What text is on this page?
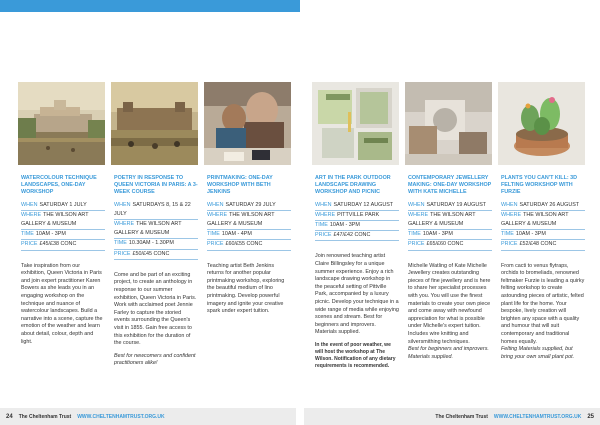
WATERCOLOUR TECHNIQUE LANDSCAPES, ONE-DAY WORKSHOP
WHEN SATURDAY 1 JULY
WHERE THE WILSON ART GALLERY & MUSEUM
TIME 10AM - 3PM
PRICE £45/£38 CONC
Take inspiration from our exhibition, Queen Victoria in Paris and join expert practitioner Karen Bowers as she leads you in an engaging workshop on the technique and nuance of watercolour landscapes. Build a narrative into a scene, capture the emotion of the weather and learn about detail, colour, depth and light.
POETRY IN RESPONSE TO QUEEN VICTORIA IN PARIS: A 3-WEEK COURSE
WHEN SATURDAYS 8, 15 & 22 JULY
WHERE THE WILSON ART GALLERY & MUSEUM
TIME 10.30AM - 1.30PM
PRICE £50/£45 CONC
Come and be part of an exciting project, to create an anthology in response to our summer exhibition, Queen Victoria in Paris. Work with acclaimed poet Jennie Farley to capture the storied events surrounding the Queen's visit in 1855. Gain free access to this exhibition for the duration of the course.
Best for newcomers and confident practitioners alike!
PRINTMAKING: ONE-DAY WORKSHOP WITH BETH JENKINS
WHEN SATURDAY 29 JULY
WHERE THE WILSON ART GALLERY & MUSEUM
TIME 10AM - 4PM
PRICE £60/£55 CONC
Teaching artist Beth Jenkins returns for another popular printmaking workshop, exploring the beautiful medium of lino printmaking. Develop powerful imagery and ignite your creative spark under expert tuition.
ART IN THE PARK OUTDOOR LANDSCAPE DRAWING WORKSHOP AND PICNIC
WHEN SATURDAY 12 AUGUST
WHERE PITTVILLE PARK
TIME 10AM - 3PM
PRICE £47/£42 CONC
Join renowned teaching artist Claire Billingsley for a unique summer experience. Enjoy a rich landscape drawing workshop in the peaceful setting of Pittville Park, accompanied by a luxury picnic. Develop your technique in a wide range of media while enjoying scenes and stream. Best for beginners and improvers. Materials supplied.
In the event of poor weather, we will host the workshop at The Wilson. Notification of any dietary requirements is recommended.
CONTEMPORARY JEWELLERY MAKING: ONE-DAY WORKSHOP WITH KATE MICHELLE
WHEN SATURDAY 19 AUGUST
WHERE THE WILSON ART GALLERY & MUSEUM
TIME 10AM - 3PM
PRICE £65/£60 CONC
Michelle Watling of Kate Michelle Jewellery creates outstanding pieces of fine jewellery and is here to share her specialist processes with you. You will use the finest materials to create your own piece and come away with newfound appreciation for what is possible under Michelle's expert tuition. Includes wire knitting and silversmithing techniques.
Best for beginners and improvers. Materials supplied.
PLANTS YOU CAN'T KILL: 3D FELTING WORKSHOP WITH FURZIE
WHEN SATURDAY 26 AUGUST
WHERE THE WILSON ART GALLERY & MUSEUM
TIME 10AM - 3PM
PRICE £52/£48 CONC
From cacti to venus flytraps, orchids to bromeliads, renowned feltmaker Furzie is leading a quirky felting workshop to create astounding pieces of artistic, felted plant life for the home. Your bespoke, lively creation will brighten any space with a quality and humour that will suit contemporary and traditional homes equally.
Felting Materials supplied, but bring your own small plant pot.
24 The Cheltenham Trust WWW.CHELTENHAMTRUST.ORG.UK	The Cheltenham Trust WWW.CHELTENHAMTRUST.ORG.UK 25
